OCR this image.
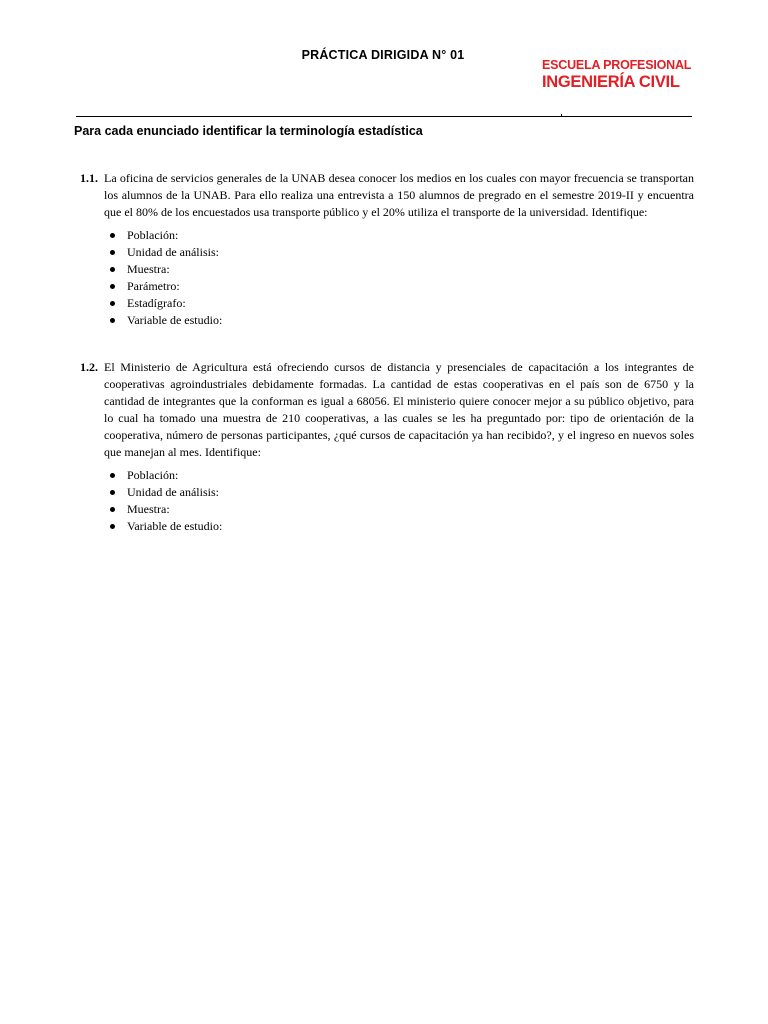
PRÁCTICA DIRIGIDA N° 01
ESCUELA PROFESIONAL
INGENIERÍA CIVIL
Para cada enunciado identificar la terminología estadística
1.1. La oficina de servicios generales de la UNAB desea conocer los medios en los cuales con mayor frecuencia se transportan los alumnos de la UNAB. Para ello realiza una entrevista a 150 alumnos de pregrado en el semestre 2019-II y encuentra que el 80% de los encuestados usa transporte público y el 20% utiliza el transporte de la universidad. Identifique:
Población:
Unidad de análisis:
Muestra:
Parámetro:
Estadígrafo:
Variable de estudio:
1.2. El Ministerio de Agricultura está ofreciendo cursos de distancia y presenciales de capacitación a los integrantes de cooperativas agroindustriales debidamente formadas. La cantidad de estas cooperativas en el país son de 6750 y la cantidad de integrantes que la conforman es igual a 68056. El ministerio quiere conocer mejor a su público objetivo, para lo cual ha tomado una muestra de 210 cooperativas, a las cuales se les ha preguntado por: tipo de orientación de la cooperativa, número de personas participantes, ¿qué cursos de capacitación ya han recibido?, y el ingreso en nuevos soles que manejan al mes. Identifique:
Población:
Unidad de análisis:
Muestra:
Variable de estudio:
